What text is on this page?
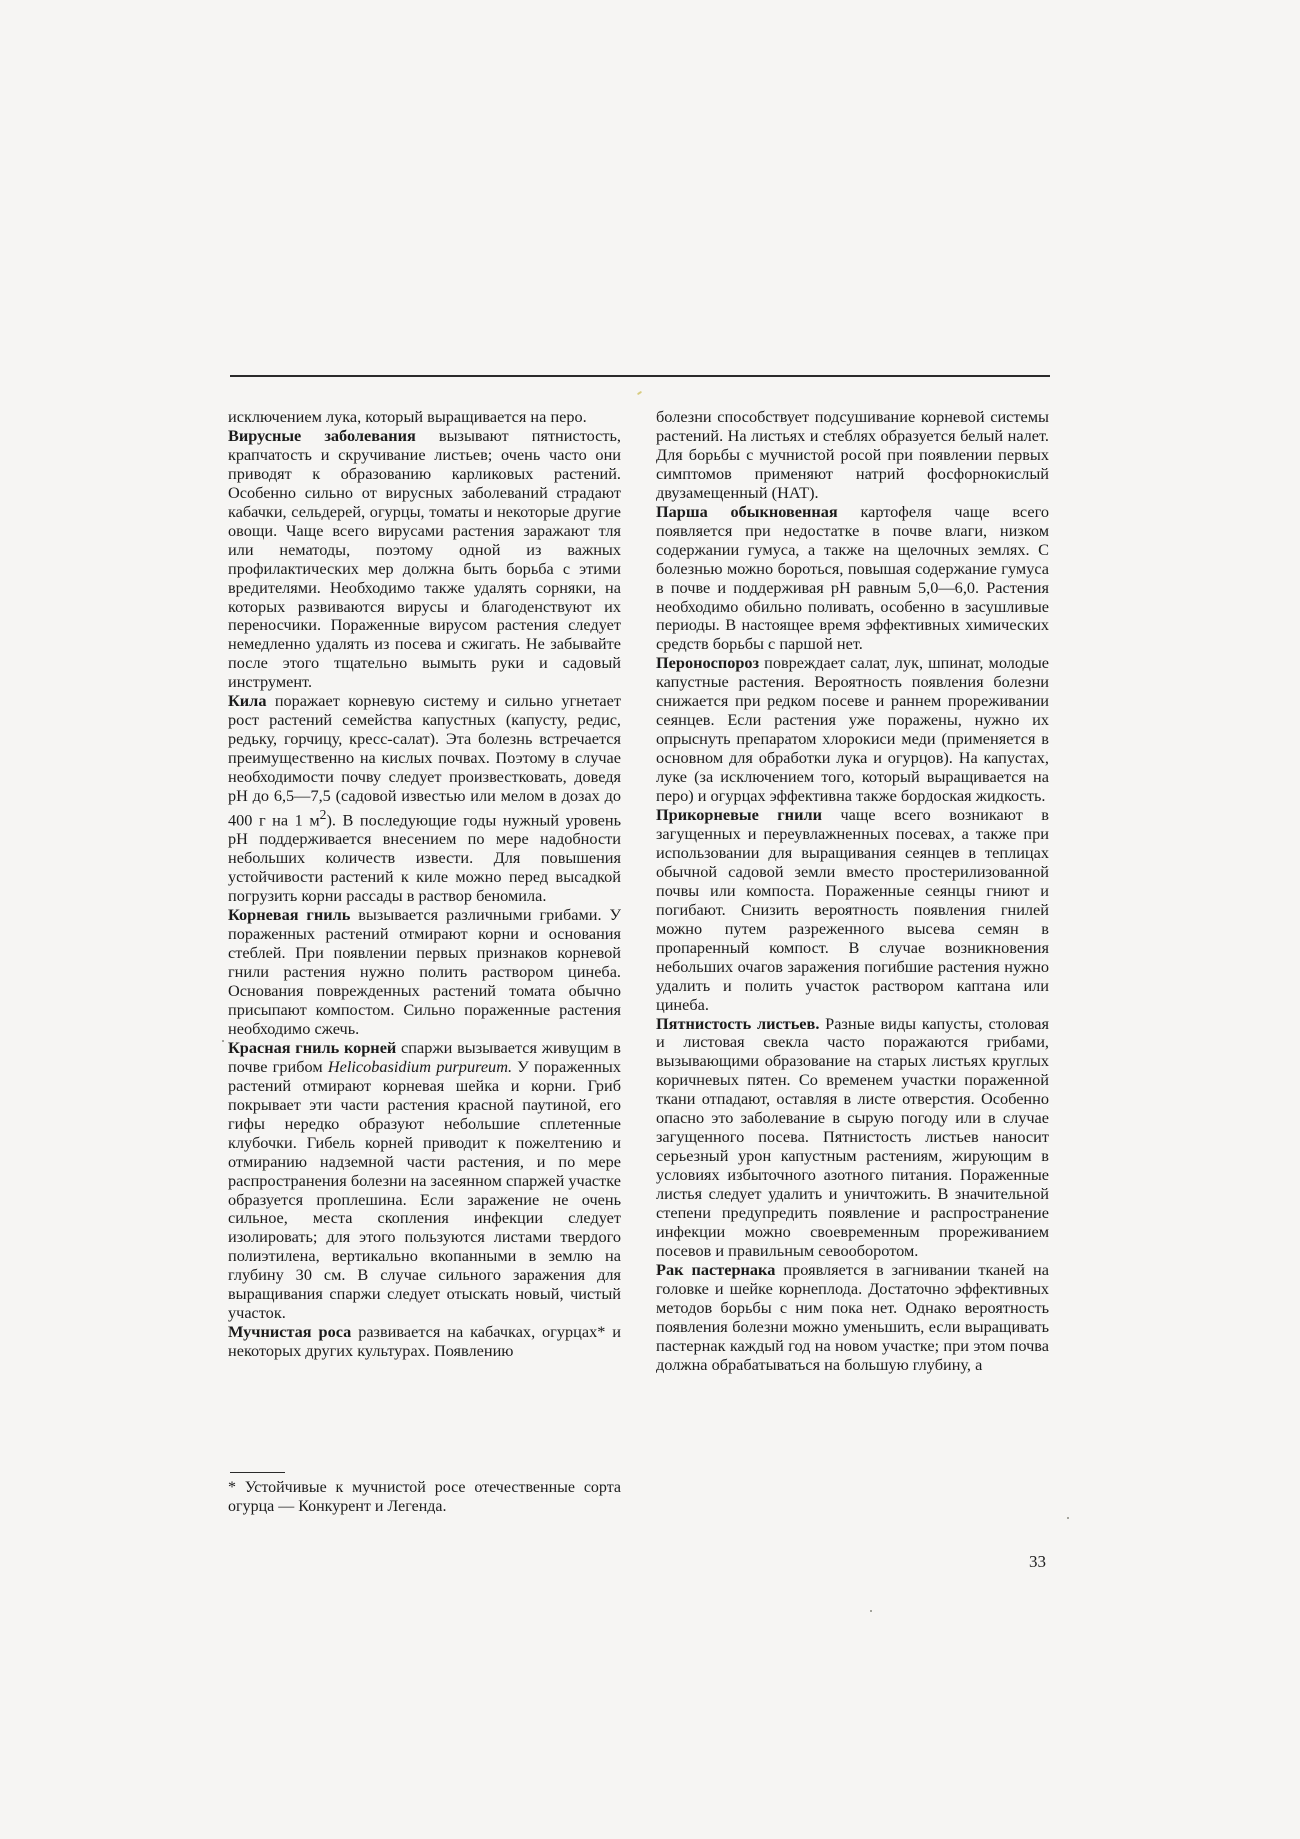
исключением лука, который выращивается на перо.

Вирусные заболевания вызывают пятнистость, крапчатость и скручивание листьев; очень часто они приводят к образованию карликовых растений. Особенно сильно от вирусных заболеваний страдают кабачки, сельдерей, огурцы, томаты и некоторые другие овощи. Чаще всего вирусами растения заражают тля или нематоды, поэтому одной из важных профилактических мер должна быть борьба с этими вредителями. Необходимо также удалять сорняки, на которых развиваются вирусы и благоденствуют их переносчики. Пораженные вирусом растения следует немедленно удалять из посева и сжигать. Не забывайте после этого тщательно вымыть руки и садовый инструмент.

Кила поражает корневую систему и сильно угнетает рост растений семейства капустных (капусту, редис, редьку, горчицу, кресс-салат). Эта болезнь встречается преимущественно на кислых почвах. Поэтому в случае необходимости почву следует произвестковать, доведя pH до 6,5—7,5 (садовой известью или мелом в дозах до 400 г на 1 $м^2$). В последующие годы нужный уровень pH поддерживается внесением по мере надобности небольших количеств извести. Для повышения устойчивости растений к киле можно перед высадкой погрузить корни рассады в раствор беномила.

Корневая гниль вызывается различными грибами. У пораженных растений отмирают корни и основания стеблей. При появлении первых признаков корневой гнили растения нужно полить раствором цинеба. Основания поврежденных растений томата обычно присыпают компостом. Сильно пораженные растения необходимо сжечь.

Красная гниль корней спаржи вызывается живущим в почве грибом Helicobasidium purpureum. У пораженных растений отмирают корневая шейка и корни. Гриб покрывает эти части растения красной паутиной, его гифы нередко образуют небольшие сплетенные клубочки. Гибель корней приводит к пожелтению и отмиранию надземной части растения, и по мере распространения болезни на засеянном спаржей участке образуется проплешина. Если заражение не очень сильное, места скопления инфекции следует изолировать; для этого пользуются листами твердого полиэтилена, вертикально вкопанными в землю на глубину 30 см. В случае сильного заражения для выращивания спаржи следует отыскать новый, чистый участок.

Мучнистая роса развивается на кабачках, огурцах* и некоторых других культурах. Появлению

* Устойчивые к мучнистой росе отечественные сорта огурца — Конкурент и Легенда.

болезни способствует подсушивание корневой системы растений. На листьях и стеблях образуется белый налет. Для борьбы с мучнистой росой при появлении первых симптомов применяют натрий фосфорнокислый двузамещенный (НАТ).

Парша обыкновенная картофеля чаще всего появляется при недостатке в почве влаги, низком содержании гумуса, а также на щелочных землях. С болезнью можно бороться, повышая содержание гумуса в почве и поддерживая pH равным 5,0—6,0. Растения необходимо обильно поливать, особенно в засушливые периоды. В настоящее время эффективных химических средств борьбы с паршой нет.

Пероноспороз повреждает салат, лук, шпинат, молодые капустные растения. Вероятность появления болезни снижается при редком посеве и раннем прореживании сеянцев. Если растения уже поражены, нужно их опрыснуть препаратом хлорокиси меди (применяется в основном для обработки лука и огурцов). На капустах, луке (за исключением того, который выращивается на перо) и огурцах эффективна также бордоская жидкость.

Прикорневые гнили чаще всего возникают в загущенных и переувлажненных посевах, а также при использовании для выращивания сеянцев в теплицах обычной садовой земли вместо простерилизованной почвы или компоста. Пораженные сеянцы гниют и погибают. Снизить вероятность появления гнилей можно путем разреженного высева семян в пропаренный компост. В случае возникновения небольших очагов заражения погибшие растения нужно удалить и полить участок раствором каптана или цинеба.

Пятнистость листьев. Разные виды капусты, столовая и листовая свекла часто поражаются грибами, вызывающими образование на старых листьях круглых коричневых пятен. Со временем участки пораженной ткани отпадают, оставляя в листе отверстия. Особенно опасно это заболевание в сырую погоду или в случае загущенного посева. Пятнистость листьев наносит серьезный урон капустным растениям, жирующим в условиях избыточного азотного питания. Пораженные листья следует удалить и уничтожить. В значительной степени предупредить появление и распространение инфекции можно своевременным прореживанием посевов и правильным севооборотом.

Рак пастернака проявляется в загнивании тканей на головке и шейке корнеплода. Достаточно эффективных методов борьбы с ним пока нет. Однако вероятность появления болезни можно уменьшить, если выращивать пастернак каждый год на новом участке; при этом почва должна обрабатываться на большую глубину, а

33
